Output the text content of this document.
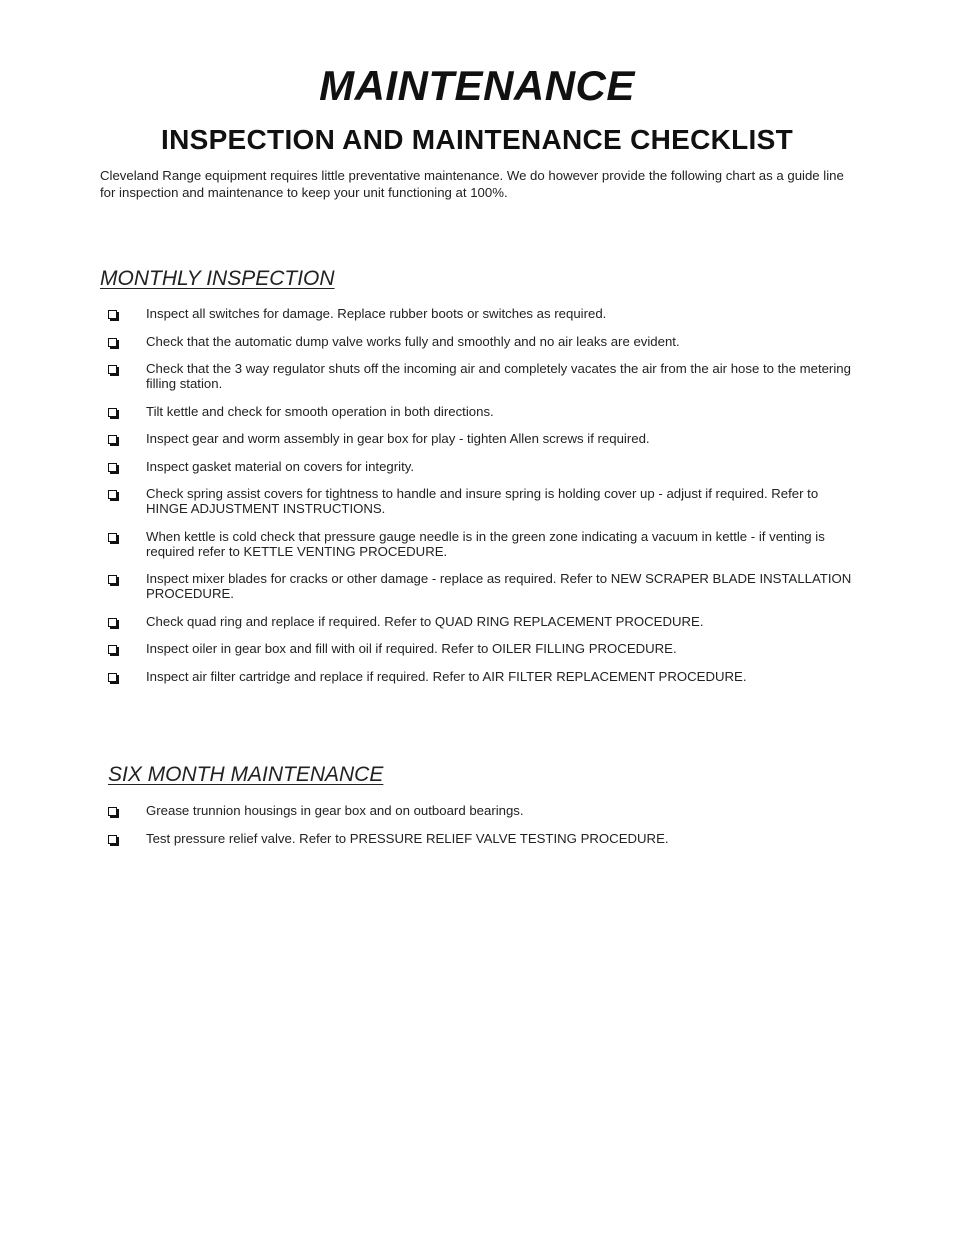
MAINTENANCE
INSPECTION AND MAINTENANCE CHECKLIST

Cleveland Range equipment requires little preventative maintenance. We do however provide the following chart as a guide line for inspection and maintenance to keep your unit functioning at 100%.

MONTHLY INSPECTION
Inspect all switches for damage. Replace rubber boots or switches as required.
Check that the automatic dump valve works fully and smoothly and no air leaks are evident.
Check that the 3 way regulator shuts off the incoming air and completely vacates the air from the air hose to the metering filling station.
Tilt kettle and check for smooth operation in both directions.
Inspect gear and worm assembly in gear box for play - tighten Allen screws if required.
Inspect gasket material on covers for integrity.
Check spring assist covers for tightness to handle and insure spring is holding cover up - adjust if required. Refer to HINGE ADJUSTMENT INSTRUCTIONS.
When kettle is cold check that pressure gauge needle is in the green zone indicating a vacuum in kettle - if venting is required refer to KETTLE VENTING PROCEDURE.
Inspect mixer blades for cracks or other damage - replace as required. Refer to NEW SCRAPER BLADE INSTALLATION PROCEDURE.
Check quad ring and replace if required. Refer to QUAD RING REPLACEMENT PROCEDURE.
Inspect oiler in gear box and fill with oil if required. Refer to OILER FILLING PROCEDURE.
Inspect air filter cartridge and replace if required. Refer to AIR FILTER REPLACEMENT PROCEDURE.
SIX MONTH MAINTENANCE
Grease trunnion housings in gear box and on outboard bearings.
Test pressure relief valve. Refer to PRESSURE RELIEF VALVE TESTING PROCEDURE.
